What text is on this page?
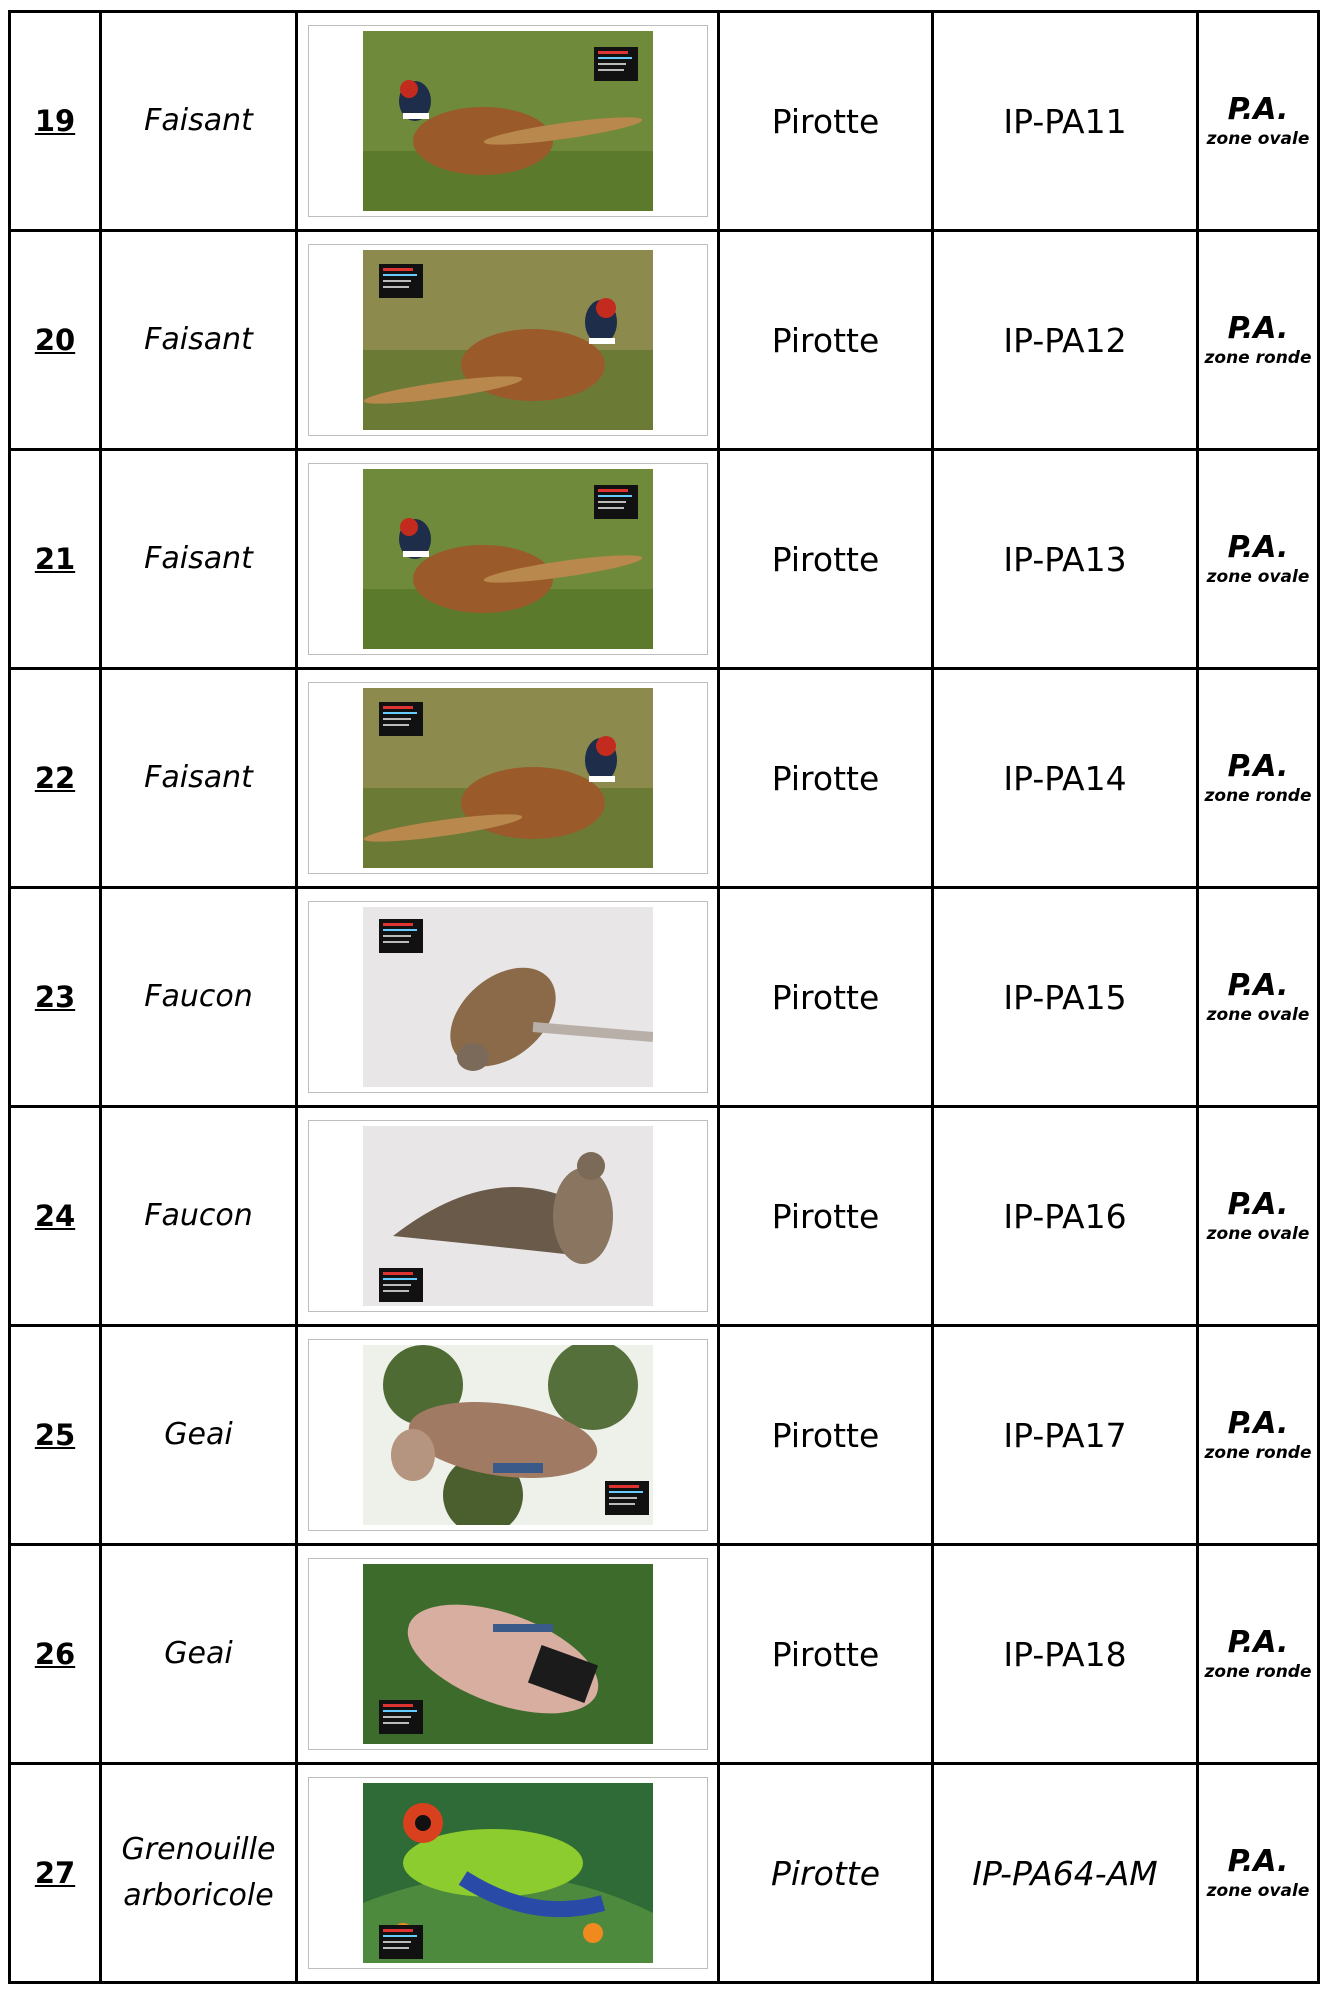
19	Faisant		Pirotte	IP-PA11	P.A.
zone ovale

20	Faisant		Pirotte	IP-PA12	P.A.
zone ronde

21	Faisant		Pirotte	IP-PA13	P.A.
zone ovale

22	Faisant		Pirotte	IP-PA14	P.A.
zone ronde

23	Faucon		Pirotte	IP-PA15	P.A.
zone ovale

24	Faucon		Pirotte	IP-PA16	P.A.
zone ovale

25	Geai		Pirotte	IP-PA17	P.A.
zone ronde

26	Geai		Pirotte	IP-PA18	P.A.
zone ronde

27	Grenouille arboricole		Pirotte	IP-PA64-AM	P.A.
zone ovale
